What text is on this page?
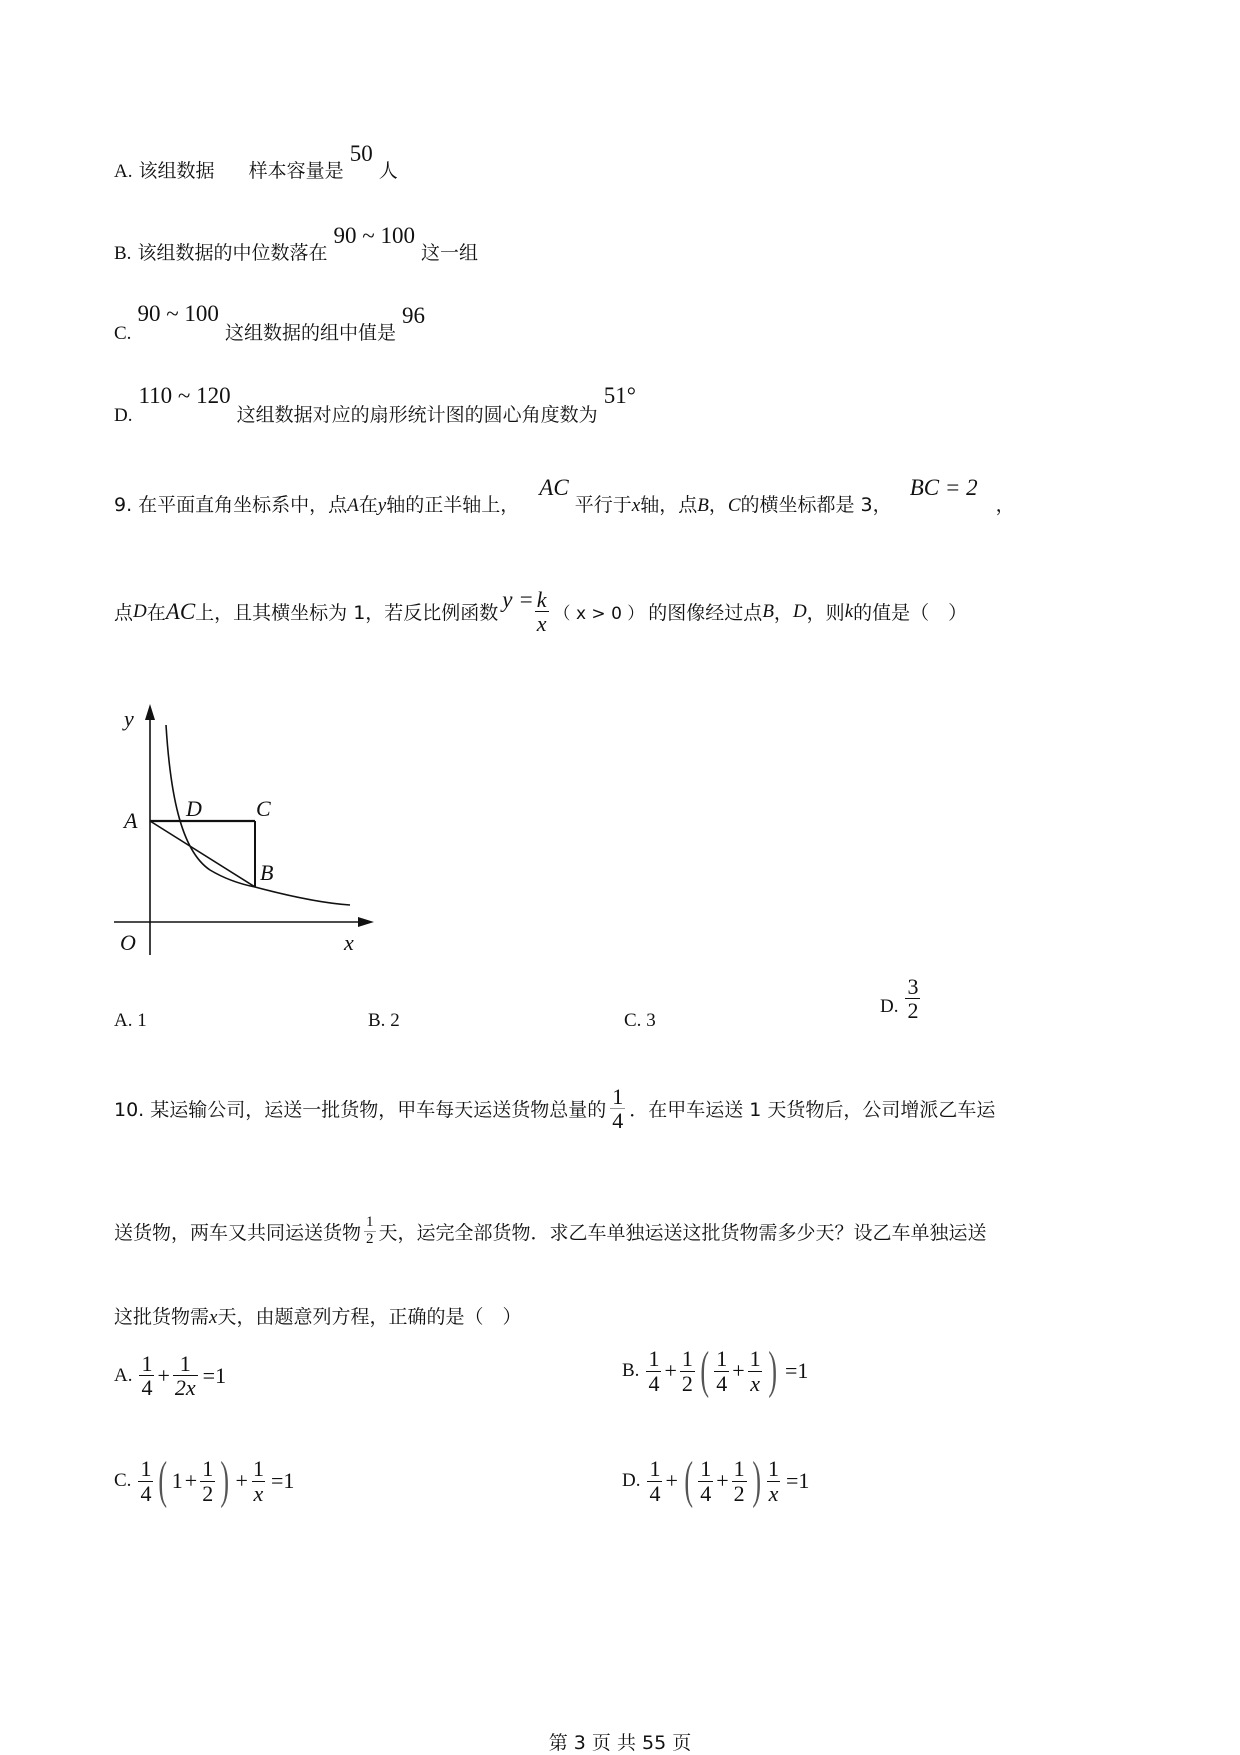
A. 该组数据 样本容量是 50 人
B. 该组数据的中位数落在 90 ~ 100 这一组
C. 90 ~ 100 这组数据的组中值是 96
D. 110 ~ 120 这组数据对应的扇形统计图的圆心角度数为 51°
9. 在平面直角坐标系中，点A在y轴的正半轴上， AC 平行于x轴，点B，C的横坐标都是 3， BC = 2 ，
点 D 在 AC 上，且其横坐标为 1，若反比例函数
$y = \frac{k}{x}$ （ x > 0 ） 的图像经过点 B ， D ，则 k 的值是（　）
y
A D C
B
O	x
A. 1	B. 2	C. 3
D. $\frac{3}{2}$
10. 某运输公司，运送一批货物，甲车每天运送货物总量的 $\frac{1}{4}$ ．在甲车运送 1 天货物后，公司增派乙车运
送货物，两车又共同运送货物 $\frac{1}{2}$ 天，运完全部货物．求乙车单独运送这批货物需多少天？设乙车单独运送
这批货物需x天，由题意列方程，正确的是（　）
A. $\frac{1}{4} + \frac{1}{2x} =1$	B. $\frac{1}{4} + \frac{1}{2}$ ( $\frac{1}{4} + \frac{1}{x}$ ) =1
C. $\frac{1}{4}$ ( $1 + \frac{1}{2}$ ) + $\frac{1}{x} =1$	D. $\frac{1}{4}$ + ( $\frac{1}{4} + \frac{1}{2}$ ) $\frac{1}{x} =1$
第 3 页 共 55 页
